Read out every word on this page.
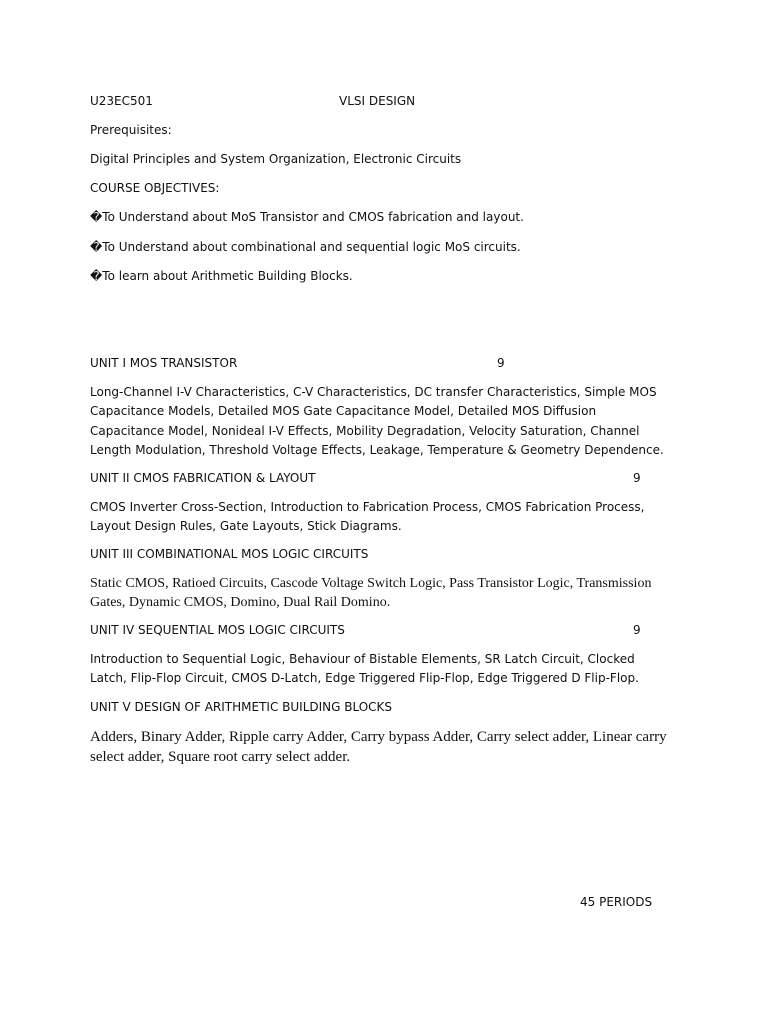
U23EC501	VLSI DESIGN
Prerequisites:
Digital Principles and System Organization, Electronic Circuits
COURSE OBJECTIVES:
�To Understand about MoS Transistor and CMOS fabrication and layout.
�To Understand about combinational and sequential logic MoS circuits.
�To learn about Arithmetic Building Blocks.
UNIT I MOS TRANSISTOR	9
Long-Channel I-V Characteristics, C-V Characteristics, DC transfer Characteristics, Simple MOS Capacitance Models, Detailed MOS Gate Capacitance Model, Detailed MOS Diffusion Capacitance Model, Nonideal I-V Effects, Mobility Degradation, Velocity Saturation, Channel Length Modulation, Threshold Voltage Effects, Leakage, Temperature & Geometry Dependence.
UNIT II CMOS FABRICATION & LAYOUT	9
CMOS Inverter Cross-Section, Introduction to Fabrication Process, CMOS Fabrication Process, Layout Design Rules, Gate Layouts, Stick Diagrams.
UNIT III COMBINATIONAL MOS LOGIC CIRCUITS
Static CMOS, Ratioed Circuits, Cascode Voltage Switch Logic, Pass Transistor Logic, Transmission Gates, Dynamic CMOS, Domino, Dual Rail Domino.
UNIT IV SEQUENTIAL MOS LOGIC CIRCUITS	9
Introduction to Sequential Logic, Behaviour of Bistable Elements, SR Latch Circuit, Clocked Latch, Flip-Flop Circuit, CMOS D-Latch, Edge Triggered Flip-Flop, Edge Triggered D Flip-Flop.
UNIT V DESIGN OF ARITHMETIC BUILDING BLOCKS
Adders, Binary Adder, Ripple carry Adder, Carry bypass Adder, Carry select adder, Linear carry select adder, Square root carry select adder.
45 PERIODS
